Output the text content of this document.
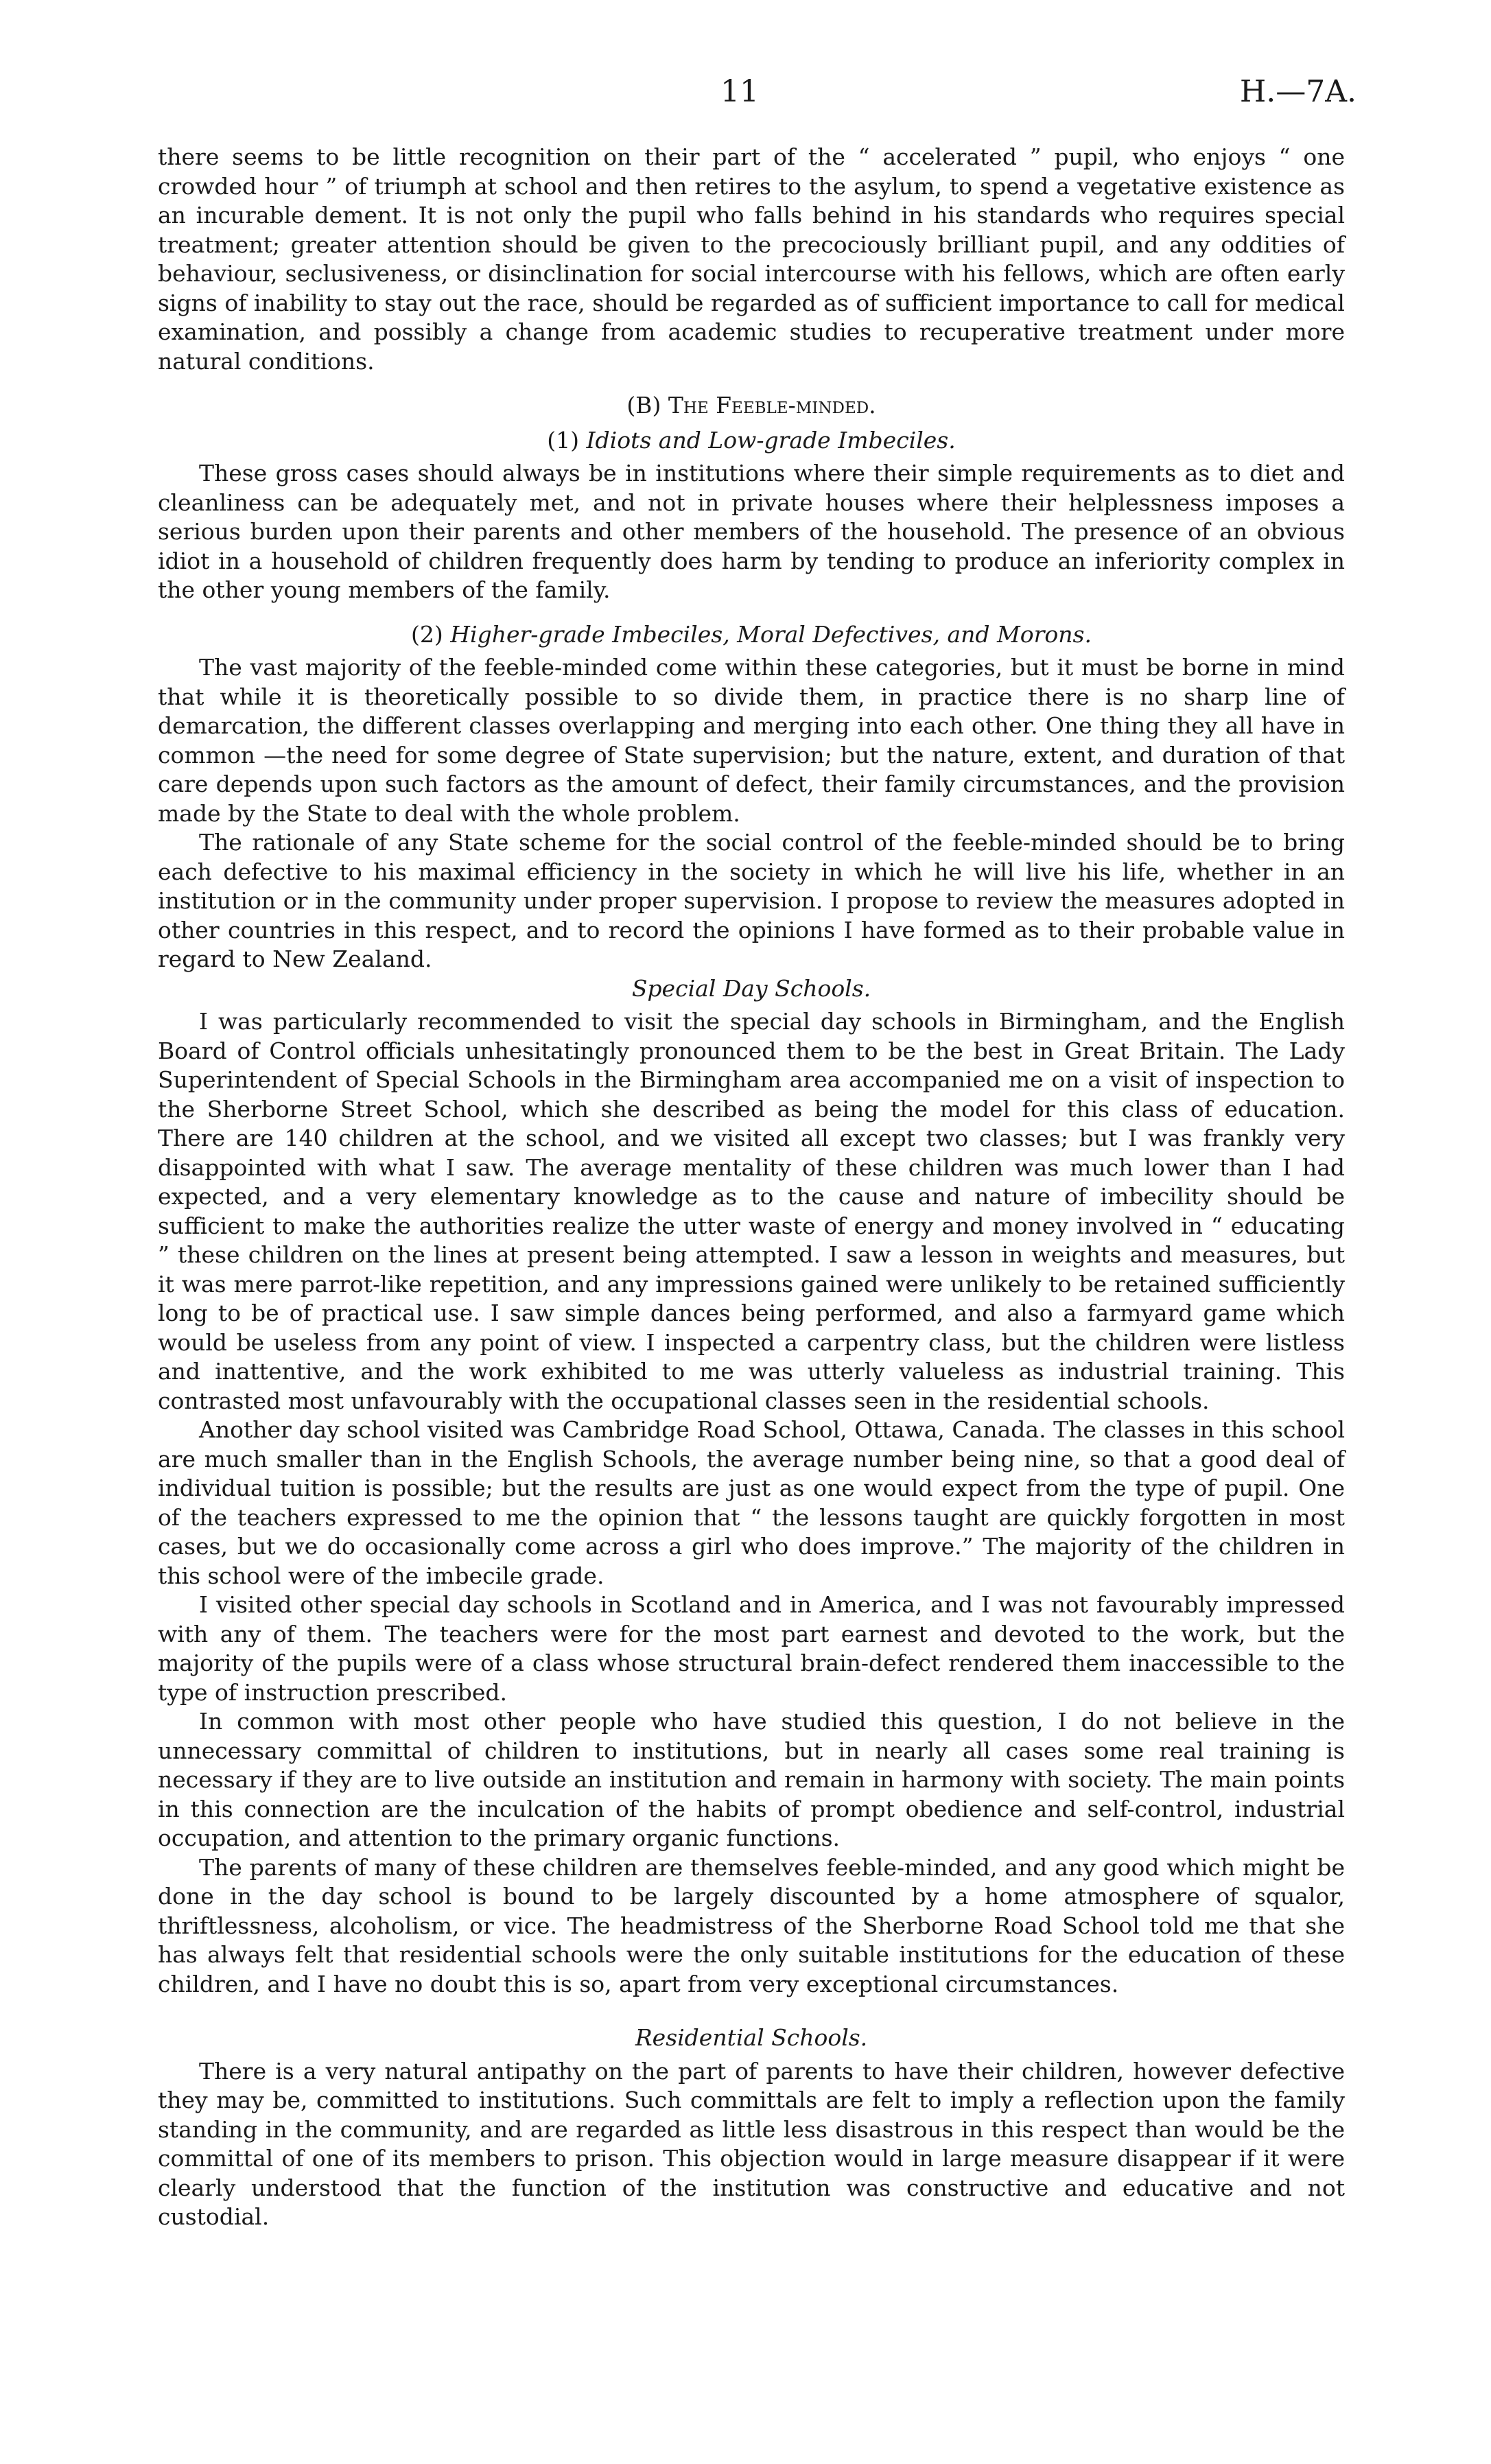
11	H.—7A.

there seems to be little recognition on their part of the “ accelerated ” pupil, who enjoys “ one crowded hour ” of triumph at school and then retires to the asylum, to spend a vegetative existence as an incurable dement. It is not only the pupil who falls behind in his standards who requires special treatment; greater attention should be given to the precociously brilliant pupil, and any oddities of behaviour, seclusiveness, or disinclination for social intercourse with his fellows, which are often early signs of inability to stay out the race, should be regarded as of sufficient importance to call for medical examination, and possibly a change from academic studies to recuperative treatment under more natural conditions.

(B) The Feeble-minded.
(1) Idiots and Low-grade Imbeciles.

These gross cases should always be in institutions where their simple requirements as to diet and cleanliness can be adequately met, and not in private houses where their helplessness imposes a serious burden upon their parents and other members of the household. The presence of an obvious idiot in a household of children frequently does harm by tending to produce an inferiority complex in the other young members of the family.

(2) Higher-grade Imbeciles, Moral Defectives, and Morons.

The vast majority of the feeble-minded come within these categories, but it must be borne in mind that while it is theoretically possible to so divide them, in practice there is no sharp line of demarcation, the different classes overlapping and merging into each other. One thing they all have in common —the need for some degree of State supervision; but the nature, extent, and duration of that care depends upon such factors as the amount of defect, their family circumstances, and the provision made by the State to deal with the whole problem.

The rationale of any State scheme for the social control of the feeble-minded should be to bring each defective to his maximal efficiency in the society in which he will live his life, whether in an institution or in the community under proper supervision. I propose to review the measures adopted in other countries in this respect, and to record the opinions I have formed as to their probable value in regard to New Zealand.

Special Day Schools.

I was particularly recommended to visit the special day schools in Birmingham, and the English Board of Control officials unhesitatingly pronounced them to be the best in Great Britain. The Lady Superintendent of Special Schools in the Birmingham area accompanied me on a visit of inspection to the Sherborne Street School, which she described as being the model for this class of education. There are 140 children at the school, and we visited all except two classes; but I was frankly very disappointed with what I saw. The average mentality of these children was much lower than I had expected, and a very elementary knowledge as to the cause and nature of imbecility should be sufficient to make the authorities realize the utter waste of energy and money involved in “ educating ” these children on the lines at present being attempted. I saw a lesson in weights and measures, but it was mere parrot-like repetition, and any impressions gained were unlikely to be retained sufficiently long to be of practical use. I saw simple dances being performed, and also a farmyard game which would be useless from any point of view. I inspected a carpentry class, but the children were listless and inattentive, and the work exhibited to me was utterly valueless as industrial training. This contrasted most unfavourably with the occupational classes seen in the residential schools.

Another day school visited was Cambridge Road School, Ottawa, Canada. The classes in this school are much smaller than in the English Schools, the average number being nine, so that a good deal of individual tuition is possible; but the results are just as one would expect from the type of pupil. One of the teachers expressed to me the opinion that “ the lessons taught are quickly forgotten in most cases, but we do occasionally come across a girl who does improve.” The majority of the children in this school were of the imbecile grade.

I visited other special day schools in Scotland and in America, and I was not favourably impressed with any of them. The teachers were for the most part earnest and devoted to the work, but the majority of the pupils were of a class whose structural brain-defect rendered them inaccessible to the type of instruction prescribed.

In common with most other people who have studied this question, I do not believe in the unnecessary committal of children to institutions, but in nearly all cases some real training is necessary if they are to live outside an institution and remain in harmony with society. The main points in this connection are the inculcation of the habits of prompt obedience and self-control, industrial occupation, and attention to the primary organic functions.

The parents of many of these children are themselves feeble-minded, and any good which might be done in the day school is bound to be largely discounted by a home atmosphere of squalor, thriftlessness, alcoholism, or vice. The headmistress of the Sherborne Road School told me that she has always felt that residential schools were the only suitable institutions for the education of these children, and I have no doubt this is so, apart from very exceptional circumstances.

Residential Schools.

There is a very natural antipathy on the part of parents to have their children, however defective they may be, committed to institutions. Such committals are felt to imply a reflection upon the family standing in the community, and are regarded as little less disastrous in this respect than would be the committal of one of its members to prison. This objection would in large measure disappear if it were clearly understood that the function of the institution was constructive and educative and not custodial.
